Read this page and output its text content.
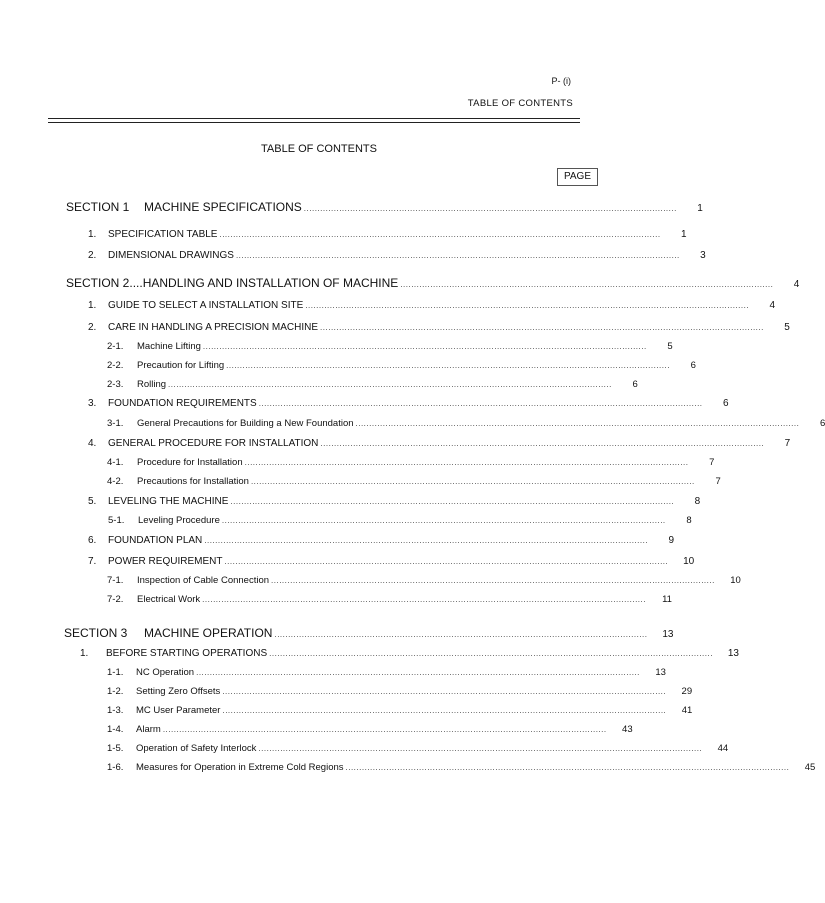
P- (i)
TABLE OF CONTENTS
TABLE OF CONTENTS
PAGE
SECTION 1 MACHINE SPECIFICATIONS .........................................................................................................................................	1
1. SPECIFICATION TABLE ..................................................................................................................................................................	1
2. DIMENSIONAL DRAWINGS ...................................................................................................................................................................	3
SECTION 2....HANDLING AND INSTALLATION OF MACHINE .........................................................................................................................................	4
1. GUIDE TO SELECT A INSTALLATION SITE ...................................................................................................................................................................	4
2. CARE IN HANDLING A PRECISION MACHINE ...................................................................................................................................................................	5
2-1. Machine Lifting ...................................................................................................................................................................	5
2-2. Precaution for Lifting ...................................................................................................................................................................	6
2-3. Rolling ...................................................................................................................................................................	6
3. FOUNDATION REQUIREMENTS ...................................................................................................................................................................	6
3-1. General Precautions for Building a New Foundation ...................................................................................................................................................................	6
4. GENERAL PROCEDURE FOR INSTALLATION ...................................................................................................................................................................	7
4-1. Procedure for Installation ...................................................................................................................................................................	7
4-2. Precautions for Installation ...................................................................................................................................................................	7
5. LEVELING THE MACHINE ...................................................................................................................................................................	8
5-1. Leveling Procedure ...................................................................................................................................................................	8
6. FOUNDATION PLAN ...................................................................................................................................................................	9
7. POWER REQUIREMENT ...................................................................................................................................................................	10
7-1. Inspection of Cable Connection ...................................................................................................................................................................	10
7-2. Electrical Work ...................................................................................................................................................................	11
SECTION 3 MACHINE OPERATION .........................................................................................................................................	13
1. BEFORE STARTING OPERATIONS ...................................................................................................................................................................	13
1-1. NC Operation ...................................................................................................................................................................	13
1-2. Setting Zero Offsets ...................................................................................................................................................................	29
1-3. MC User Parameter ...................................................................................................................................................................	41
1-4. Alarm ...................................................................................................................................................................	43
1-5. Operation of Safety Interlock ...................................................................................................................................................................	44
1-6. Measures for Operation in Extreme Cold Regions ...................................................................................................................................................................	45
